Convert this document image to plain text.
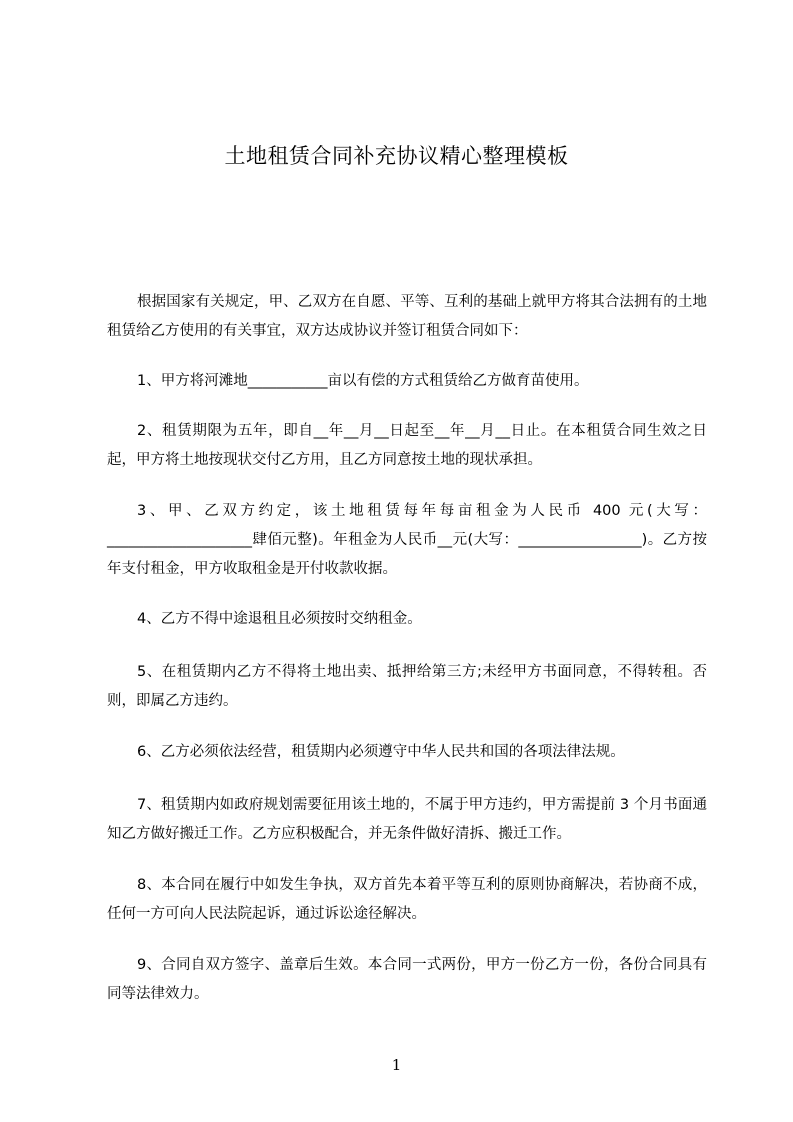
土地租赁合同补充协议精心整理模板

根据国家有关规定，甲、乙双方在自愿、平等、互利的基础上就甲方将其合法拥有的土地租赁给乙方使用的有关事宜，双方达成协议并签订租赁合同如下：

1、甲方将河滩地___________亩以有偿的方式租赁给乙方做育苗使用。

2、租赁期限为五年，即自__年__月__日起至__年__月__日止。在本租赁合同生效之日起，甲方将土地按现状交付乙方用，且乙方同意按土地的现状承担。

3、甲、乙双方约定，该土地租赁每年每亩租金为人民币 400 元(大写：____________________肆佰元整)。年租金为人民币__元(大写：_________________)。乙方按年支付租金，甲方收取租金是开付收款收据。

4、乙方不得中途退租且必须按时交纳租金。

5、在租赁期内乙方不得将土地出卖、抵押给第三方;未经甲方书面同意，不得转租。否则，即属乙方违约。

6、乙方必须依法经营，租赁期内必须遵守中华人民共和国的各项法律法规。

7、租赁期内如政府规划需要征用该土地的，不属于甲方违约，甲方需提前 3 个月书面通知乙方做好搬迁工作。乙方应积极配合，并无条件做好清拆、搬迁工作。

8、本合同在履行中如发生争执，双方首先本着平等互利的原则协商解决，若协商不成，任何一方可向人民法院起诉，通过诉讼途径解决。

9、合同自双方签字、盖章后生效。本合同一式两份，甲方一份乙方一份，各份合同具有同等法律效力。

1
